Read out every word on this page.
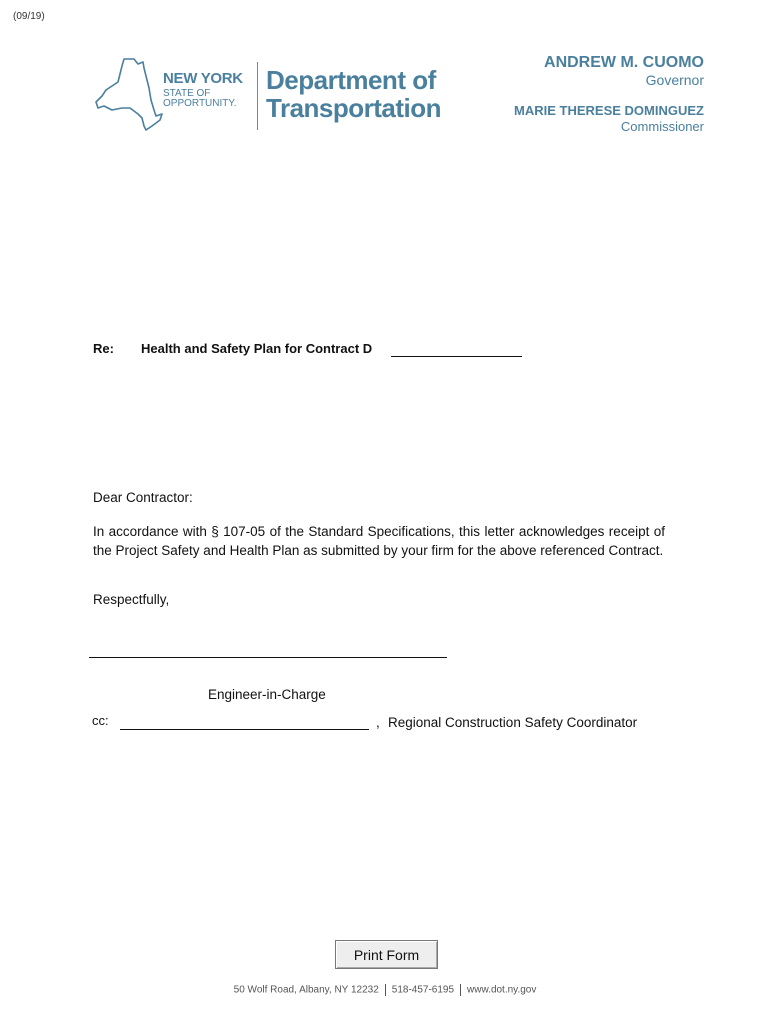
(09/19)
NEW YORK
STATE OF
OPPORTUNITY.
Department of
Transportation
ANDREW M. CUOMO
Governor
MARIE THERESE DOMINGUEZ
Commissioner
Re: Health and Safety Plan for Contract D
Dear Contractor:
In accordance with § 107-05 of the Standard Specifications, this letter acknowledges receipt of the Project Safety and Health Plan as submitted by your firm for the above referenced Contract.
Respectfully,
Engineer-in-Charge
cc:	, Regional Construction Safety Coordinator
Print Form
50 Wolf Road, Albany, NY 12232 518-457-6195 www.dot.ny.gov
